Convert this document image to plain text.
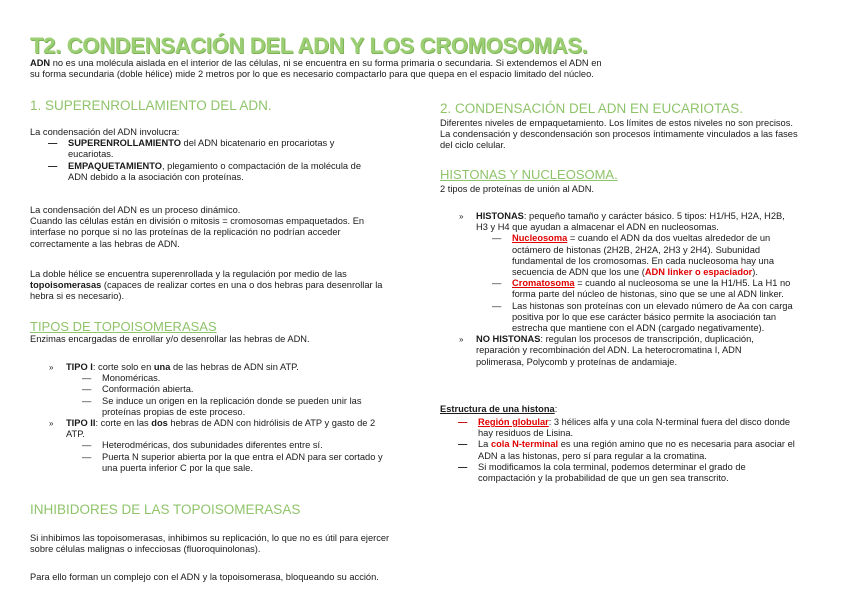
T2. CONDENSACIÓN DEL ADN Y LOS CROMOSOMAS.

ADN no es una molécula aislada en el interior de las células, ni se encuentra en su forma primaria o secundaria. Si extendemos el ADN en

su forma secundaria (doble hélice) mide 2 metros por lo que es necesario compactarlo para que quepa en el espacio limitado del núcleo.

1. SUPERENROLLAMIENTO DEL ADN.

La condensación del ADN involucra:

— SUPERENROLLAMIENTO del ADN bicatenario en procariotas y

eucariotas.

— EMPAQUETAMIENTO, plegamiento o compactación de la molécula de

ADN debido a la asociación con proteínas.

La condensación del ADN es un proceso dinámico.

Cuando las células están en división o mitosis = cromosomas empaquetados. En

interfase no porque si no las proteínas de la replicación no podrían acceder

correctamente a las hebras de ADN.

La doble hélice se encuentra superenrollada y la regulación por medio de las

topoisomerasas (capaces de realizar cortes en una o dos hebras para desenrollar la

hebra si es necesario).

TIPOS DE TOPOISOMERASAS
Enzimas encargadas de enrollar y/o desenrollar las hebras de ADN.
» TIPO I: corte solo en una de las hebras de ADN sin ATP.

— Monoméricas.

— Conformación abierta.

— Se induce un origen en la replicación donde se pueden unir las

proteínas propias de este proceso.

» TIPO II: corte en las dos hebras de ADN con hidrólisis de ATP y gasto de 2

ATP.

— Heterodméricas, dos subunidades diferentes entre sí.

— Puerta N superior abierta por la que entra el ADN para ser cortado y

una puerta inferior C por la que sale.

INHIBIDORES DE LAS TOPOISOMERASAS

Si inhibimos las topoisomerasas, inhibimos su replicación, lo que no es útil para ejercer

sobre células malignas o infecciosas (fluoroquinolonas).

Para ello forman un complejo con el ADN y la topoisomerasa, bloqueando su acción.
2. CONDENSACIÓN DEL ADN EN EUCARIOTAS.

Diferentes niveles de empaquetamiento. Los límites de estos niveles no son precisos.

La condensación y descondensación son procesos íntimamente vinculados a las fases

del ciclo celular.

HISTONAS Y NUCLEOSOMA.
2 tipos de proteínas de unión al ADN.
» HISTONAS: pequeño tamaño y carácter básico. 5 tipos: H1/H5, H2A, H2B,

H3 y H4 que ayudan a almacenar el ADN en nucleosomas.

— Nucleosoma = cuando el ADN da dos vueltas alrededor de un

octámero de histonas (2H2B, 2H2A, 2H3 y 2H4). Subunidad

fundamental de los cromosomas. En cada nucleosoma hay una

secuencia de ADN que los une (ADN linker o espaciador).

— Cromatosoma = cuando al nucleosoma se une la H1/H5. La H1 no

forma parte del núcleo de histonas, sino que se une al ADN linker.

— Las histonas son proteínas con un elevado número de Aa con carga

positiva por lo que ese carácter básico permite la asociación tan

estrecha que mantiene con el ADN (cargado negativamente).

» NO HISTONAS: regulan los procesos de transcripción, duplicación,

reparación y recombinación del ADN. La heterocromatina I, ADN

polimerasa, Polycomb y proteínas de andamiaje.

Estructura de una histona:
— Región globular: 3 hélices alfa y una cola N-terminal fuera del disco donde

hay residuos de Lisina.

— La cola N-terminal es una región amino que no es necesaria para asociar el

ADN a las histonas, pero sí para regular a la cromatina.

— Si modificamos la cola terminal, podemos determinar el grado de

compactación y la probabilidad de que un gen sea transcrito.
